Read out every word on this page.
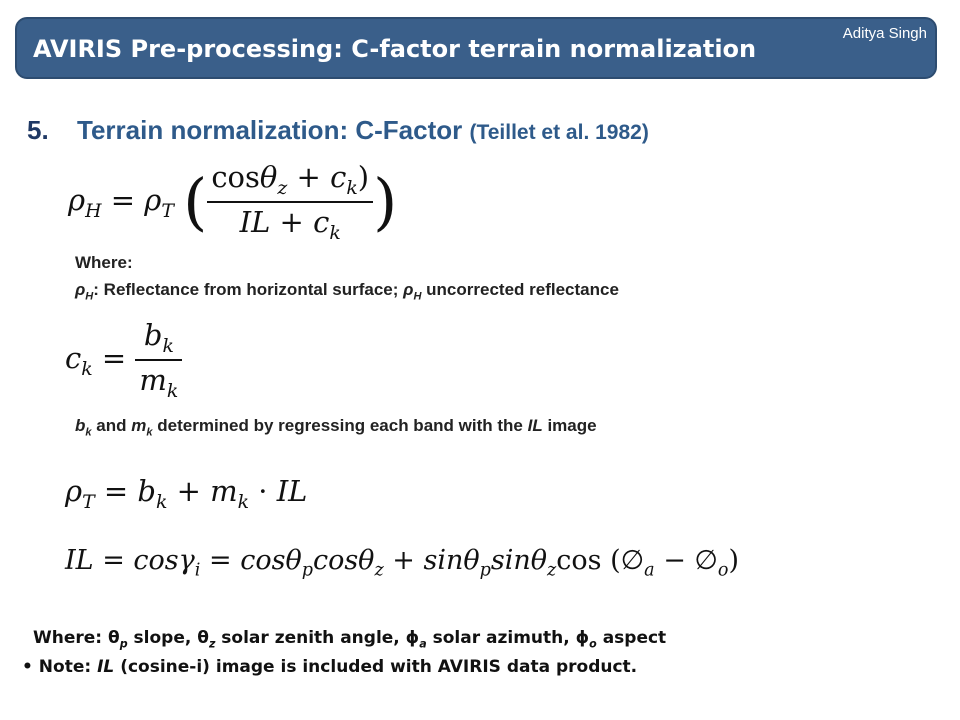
AVIRIS Pre-processing: C-factor terrain normalization
Aditya Singh
5. Terrain normalization: C-Factor (Teillet et al. 1982)
$\rho_H = \rho_T$ ( $\frac{\cos\theta_z + c_k)}{IL + c_k}$ )
Where:
$\rho_H$: Reflectance from horizontal surface; $\rho_H$ uncorrected reflectance
$c_k = \frac{b_k}{m_k}$
$b_k$ and $m_k$ determined by regressing each band with the IL image
$\rho_T = b_k + m_k$ · IL
IL = cosγ$_i$ = cosθ$_p$cosθ$_z$ + sinθ$_p$sinθ$_z$cos ($\emptyset_a$ − $\emptyset_o$)
Where: $\theta_p$ slope, $\theta_z$ solar zenith angle, $\phi_a$ solar azimuth, $\phi_o$ aspect
• Note: IL (cosine-i) image is included with AVIRIS data product.
